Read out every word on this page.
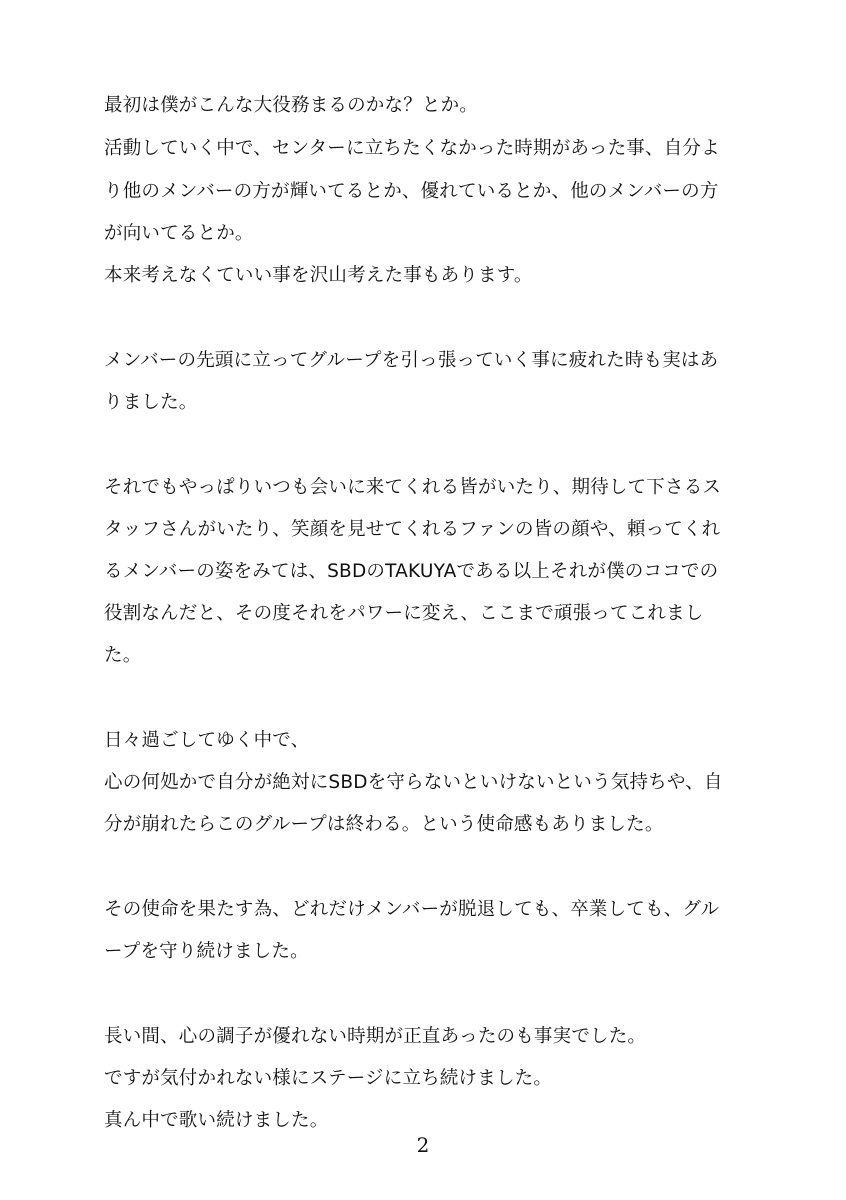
最初は僕がこんな大役務まるのかな？とか。
活動していく中で、センターに立ちたくなかった時期があった事、自分よ
り他のメンバーの方が輝いてるとか、優れているとか、他のメンバーの方
が向いてるとか。
本来考えなくていい事を沢山考えた事もあります。
メンバーの先頭に立ってグループを引っ張っていく事に疲れた時も実はあ
りました。
それでもやっぱりいつも会いに来てくれる皆がいたり、期待して下さるス
タッフさんがいたり、笑顔を見せてくれるファンの皆の顔や、頼ってくれ
るメンバーの姿をみては、SBDのTAKUYAである以上それが僕のココでの
役割なんだと、その度それをパワーに変え、ここまで頑張ってこれまし
た。
日々過ごしてゆく中で、
心の何処かで自分が絶対にSBDを守らないといけないという気持ちや、自
分が崩れたらこのグループは終わる。という使命感もありました。
その使命を果たす為、どれだけメンバーが脱退しても、卒業しても、グル
ープを守り続けました。
長い間、心の調子が優れない時期が正直あったのも事実でした。
ですが気付かれない様にステージに立ち続けました。
真ん中で歌い続けました。
2
